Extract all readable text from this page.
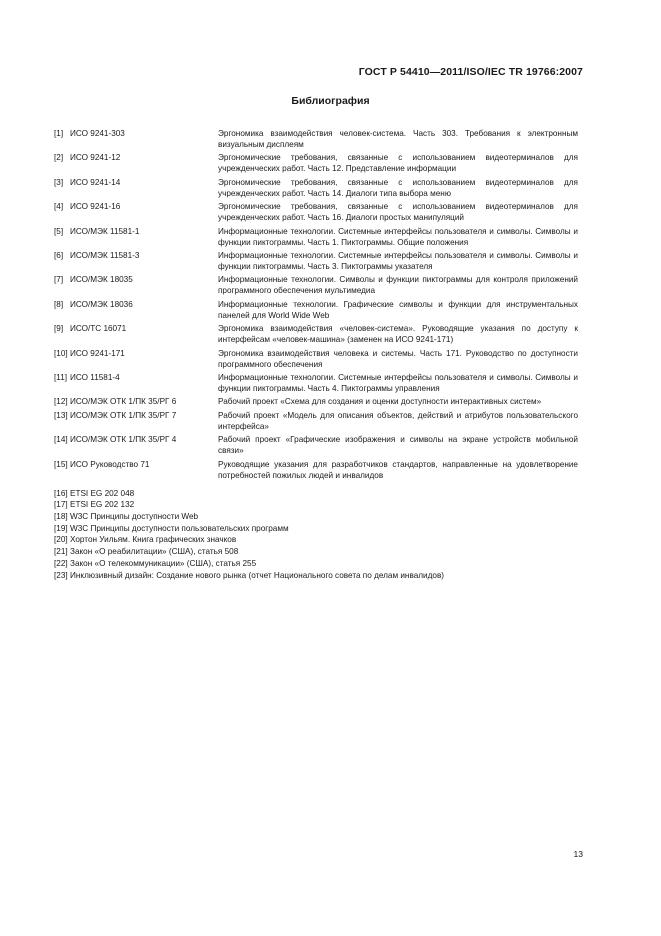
ГОСТ Р 54410—2011/ISO/IEC TR 19766:2007
Библиография
[1] ИСО 9241-303	Эргономика взаимодействия человек-система. Часть 303. Требования к электронным визуальным дисплеям
[2] ИСО 9241-12	Эргономические требования, связанные с использованием видеотерминалов для учрежденческих работ. Часть 12. Представление информации
[3] ИСО 9241-14	Эргономические требования, связанные с использованием видеотерминалов для учрежденческих работ. Часть 14. Диалоги типа выбора меню
[4] ИСО 9241-16	Эргономические требования, связанные с использованием видеотерминалов для учрежденческих работ. Часть 16. Диалоги простых манипуляций
[5] ИСО/МЭК 11581-1	Информационные технологии. Системные интерфейсы пользователя и символы. Символы и функции пиктограммы. Часть 1. Пиктограммы. Общие положения
[6] ИСО/МЭК 11581-3	Информационные технологии. Системные интерфейсы пользователя и символы. Символы и функции пиктограммы. Часть 3. Пиктограммы указателя
[7] ИСО/МЭК 18035	Информационные технологии. Символы и функции пиктограммы для контроля приложений программного обеспечения мультимедиа
[8] ИСО/МЭК 18036	Информационные технологии. Графические символы и функции для инструментальных панелей для World Wide Web
[9] ИСО/ТС 16071	Эргономика взаимодействия «человек-система». Руководящие указания по доступу к интерфейсам «человек-машина» (заменен на ИСО 9241-171)
[10] ИСО 9241-171	Эргономика взаимодействия человека и системы. Часть 171. Руководство по доступности программного обеспечения
[11] ИСО 11581-4	Информационные технологии. Системные интерфейсы пользователя и символы. Символы и функции пиктограммы. Часть 4. Пиктограммы управления
[12] ИСО/МЭК ОТК 1/ПК 35/РГ 6	Рабочий проект «Схема для создания и оценки доступности интерактивных систем»
[13] ИСО/МЭК ОТК 1/ПК 35/РГ 7	Рабочий проект «Модель для описания объектов, действий и атрибутов пользовательского интерфейса»
[14] ИСО/МЭК ОТК 1/ПК 35/РГ 4	Рабочий проект «Графические изображения и символы на экране устройств мобильной связи»
[15] ИСО Руководство 71	Руководящие указания для разработчиков стандартов, направленные на удовлетворение потребностей пожилых людей и инвалидов
[16] ETSI EG 202 048
[17] ETSI EG 202 132
[18] W3C Принципы доступности Web
[19] W3C Принципы доступности пользовательских программ
[20] Хортон Уильям. Книга графических значков
[21] Закон «О реабилитации» (США), статья 508
[22] Закон «О телекоммуникации» (США), статья 255
[23] Инклюзивный дизайн: Создание нового рынка (отчет Национального совета по делам инвалидов)
13
